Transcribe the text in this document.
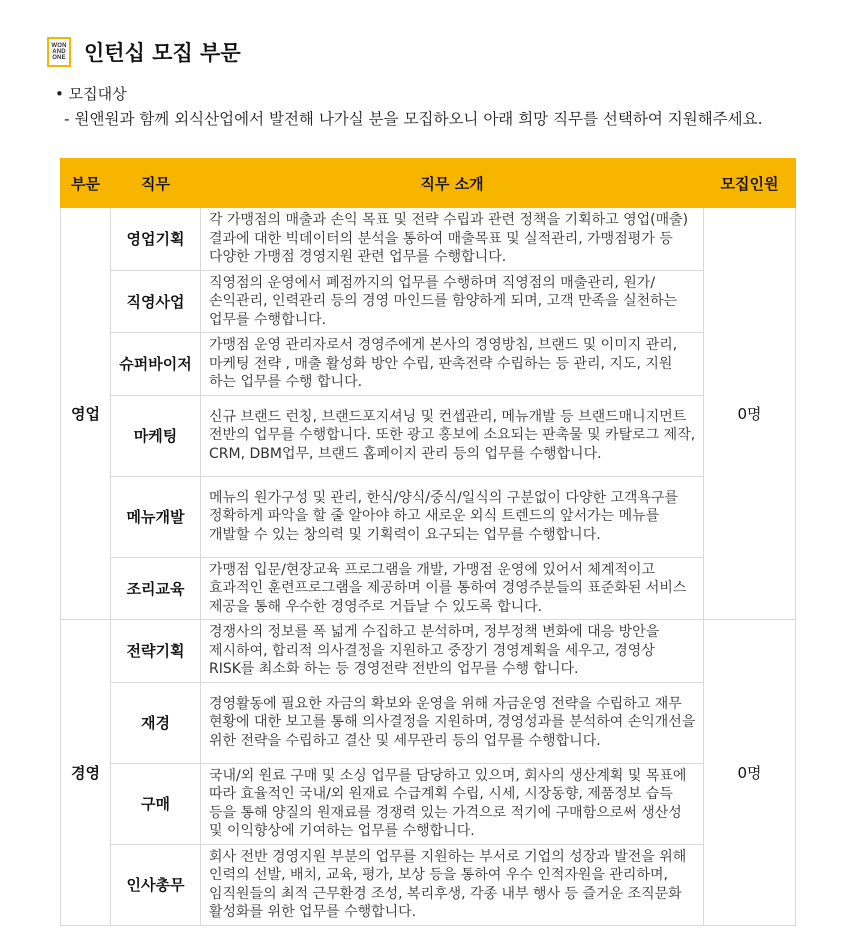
WON
AND
ONE 인턴십 모집 부문
• 모집대상
- 원앤원과 함께 외식산업에서 발전해 나가실 분을 모집하오니 아래 희망 직무를 선택하여 지원해주세요.
부문	직무	직무 소개	모집인원
영업	영업기획	각 가맹점의 매출과 손익 목표 및 전략 수립과 관련 정책을 기획하고 영업(매출) 결과에 대한 빅데이터의 분석을 통하여 매출목표 및 실적관리, 가맹점평가 등 다양한 가맹점 경영지원 관련 업무를 수행합니다.	0명
	직영사업	직영점의 운영에서 폐점까지의 업무를 수행하며 직영점의 매출관리, 원가/손익관리, 인력관리 등의 경영 마인드를 함양하게 되며, 고객 만족을 실천하는 업무를 수행합니다.	
	슈퍼바이저	가맹점 운영 관리자로서 경영주에게 본사의 경영방침, 브랜드 및 이미지 관리, 마케팅 전략 , 매출 활성화 방안 수립, 판촉전략 수립하는 등 관리, 지도, 지원 하는 업무를 수행 합니다.	
	마케팅	신규 브랜드 런칭, 브랜드포지셔닝 및 컨셉관리, 메뉴개발 등 브랜드매니지먼트 전반의 업무를 수행합니다. 또한 광고 홍보에 소요되는 판촉물 및 카탈로그 제작, CRM, DBM업무, 브랜드 홈페이지 관리 등의 업무를 수행합니다.	
	메뉴개발	메뉴의 원가구성 및 관리, 한식/양식/중식/일식의 구분없이 다양한 고객욕구를 정확하게 파악을 할 줄 알아야 하고 새로운 외식 트렌드의 앞서가는 메뉴를 개발할 수 있는 창의력 및 기획력이 요구되는 업무를 수행합니다.	
	조리교육	가맹점 입문/현장교육 프로그램을 개발, 가맹점 운영에 있어서 체계적이고 효과적인 훈련프로그램을 제공하며 이를 통하여 경영주분들의 표준화된 서비스 제공을 통해 우수한 경영주로 거듭날 수 있도록 합니다.	
경영	전략기획	경쟁사의 정보를 폭 넓게 수집하고 분석하며, 정부정책 변화에 대응 방안을 제시하여, 합리적 의사결정을 지원하고 중장기 경영계획을 세우고, 경영상 RISK를 최소화 하는 등 경영전략 전반의 업무를 수행 합니다.	0명
	재경	경영활동에 필요한 자금의 확보와 운영을 위해 자금운영 전략을 수립하고 재무 현황에 대한 보고를 통해 의사결정을 지원하며, 경영성과를 분석하여 손익개선을 위한 전략을 수립하고 결산 및 세무관리 등의 업무를 수행합니다.	
	구매	국내/외 원료 구매 및 소싱 업무를 담당하고 있으며, 회사의 생산계획 및 목표에 따라 효율적인 국내/외 원재료 수급계획 수립, 시세, 시장동향, 제품정보 습득 등을 통해 양질의 원재료를 경쟁력 있는 가격으로 적기에 구매함으로써 생산성 및 이익향상에 기여하는 업무를 수행합니다.	
	인사총무	회사 전반 경영지원 부분의 업무를 지원하는 부서로 기업의 성장과 발전을 위해 인력의 선발, 배치, 교육, 평가, 보상 등을 통하여 우수 인적자원을 관리하며, 임직원들의 최적 근무환경 조성, 복리후생, 각종 내부 행사 등 즐거운 조직문화 활성화를 위한 업무를 수행합니다.	
